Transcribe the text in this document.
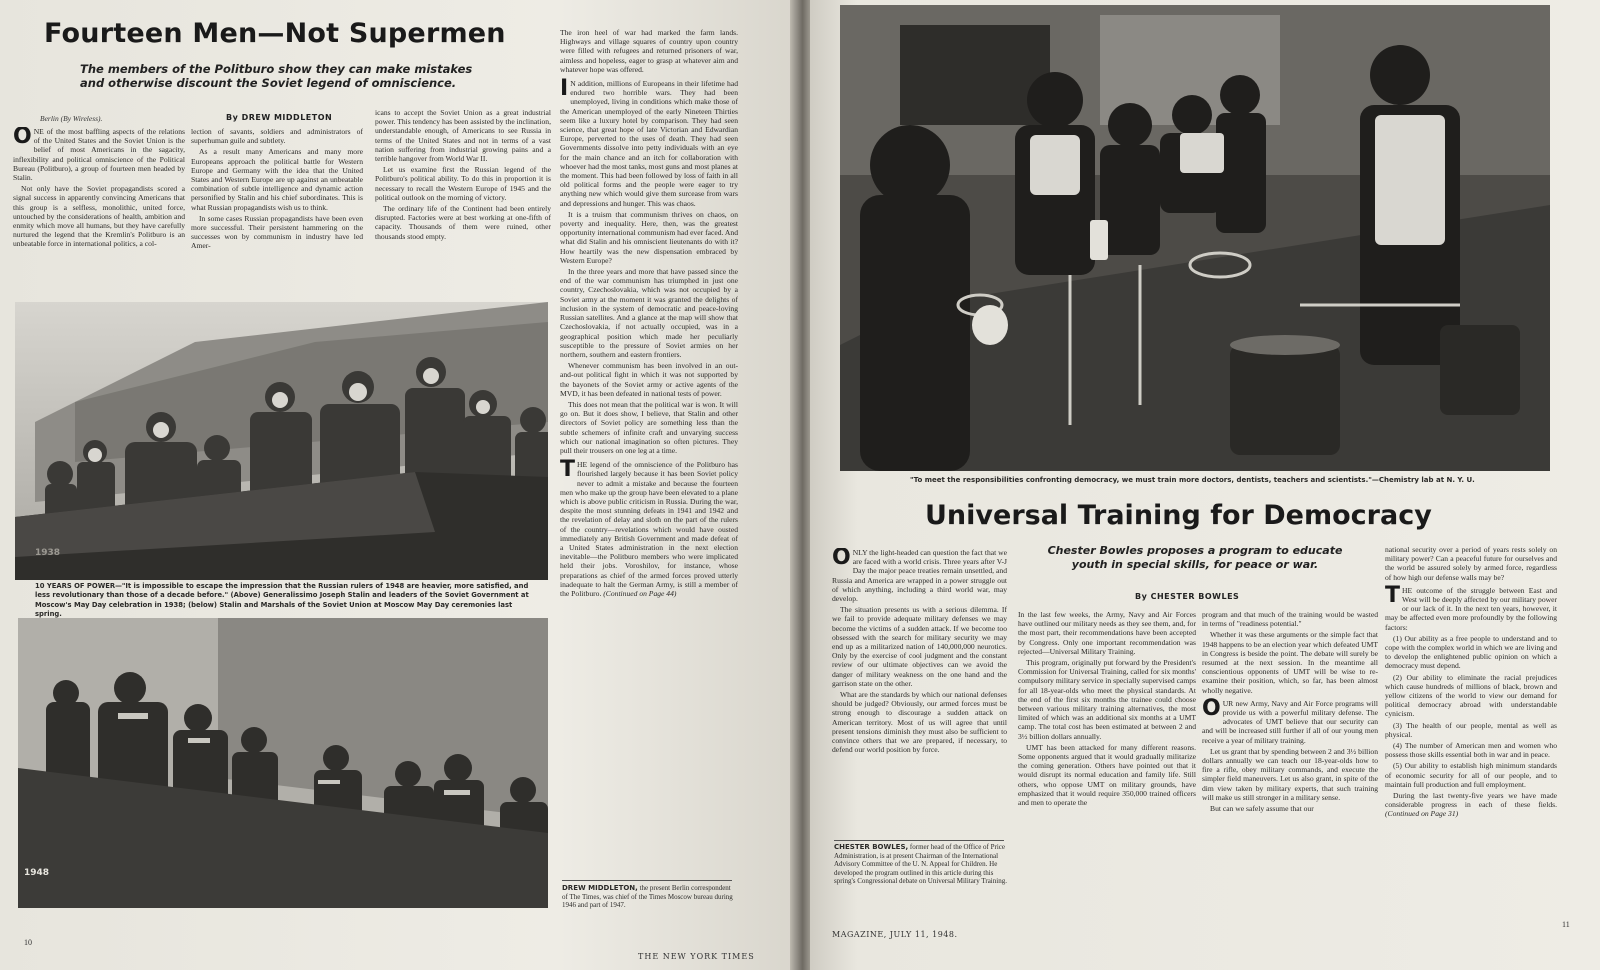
Fourteen Men—Not Supermen

The members of the Politburo show they can make mistakes and otherwise discount the Soviet legend of omniscience.

Berlin (By Wireless).	By DREW MIDDLETON

ONE of the most baffling aspects of the relations of the United States and the Soviet Union is the belief of most Americans in the sagacity, inflexibility and political omniscience of the Political Bureau (Politburo), a group of fourteen men headed by Stalin.

Not only have the Soviet propagandists scored a signal success in apparently convincing Americans that this group is a selfless, monolithic, united force, untouched by the considerations of health, ambition and enmity which move all humans, but they have carefully nurtured the legend that the Kremlin's Politburo is an unbeatable force in international politics, a col-

lection of savants, soldiers and administrators of superhuman guile and subtlety.

As a result many Americans and many more Europeans approach the political battle for Western Europe and Germany with the idea that the United States and Western Europe are up against an unbeatable combination of subtle intelligence and dynamic action personified by Stalin and his chief subordinates. This is what Russian propagandists wish us to think.

In some cases Russian propagandists have been even more successful. Their persistent hammering on the successes won by communism in industry have led Amer-

icans to accept the Soviet Union as a great industrial power. This tendency has been assisted by the inclination, understandable enough, of Americans to see Russia in terms of the United States and not in terms of a vast nation suffering from industrial growing pains and a terrible hangover from World War II.

Let us examine first the Russian legend of the Politburo's political ability. To do this in proportion it is necessary to recall the Western Europe of 1945 and the political outlook on the morning of victory.

The ordinary life of the Continent had been entirely disrupted. Factories were at best working at one-fifth of capacity. Thousands of them were ruined, other thousands stood empty.

The iron heel of war had marked the farm lands. Highways and village squares of country upon country were filled with refugees and returned prisoners of war, aimless and hopeless, eager to grasp at whatever aim and whatever hope was offered.

I N addition, millions of Europeans in their lifetime had endured two horrible wars. They had been unemployed, living in conditions which make those of the American unemployed of the early Nineteen Thirties seem like a luxury hotel by comparison. They had seen science, that great hope of late Victorian and Edwardian Europe, perverted to the uses of death. They had seen Governments dissolve into petty individuals with an eye for the main chance and an itch for collaboration with whoever had the most tanks, most guns and most planes at the moment. This had been followed by loss of faith in all old political forms and the people were eager to try anything new which would give them surcease from wars and depressions and hunger. This was chaos.

It is a truism that communism thrives on chaos, on poverty and inequality. Here, then, was the greatest opportunity international communism had ever faced. And what did Stalin and his omniscient lieutenants do with it? How heartily was the new dispensation embraced by Western Europe?

In the three years and more that have passed since the end of the war communism has triumphed in just one country, Czechoslovakia, which was not occupied by a Soviet army at the moment it was granted the delights of inclusion in the system of democratic and peace-loving Russian satellites. And a glance at the map will show that Czechoslovakia, if not actually occupied, was in a geographical position which made her peculiarly susceptible to the pressure of Soviet armies on her northern, southern and eastern frontiers.

Whenever communism has been involved in an out-and-out political fight in which it was not supported by the bayonets of the Soviet army or active agents of the MVD, it has been defeated in national tests of power.

This does not mean that the political war is won. It will go on. But it does show, I believe, that Stalin and other directors of Soviet policy are something less than the subtle schemers of infinite craft and unvarying success which our national imagination so often pictures. They pull their trousers on one leg at a time.

THE legend of the omniscience of the Politburo has flourished largely because it has been Soviet policy never to admit a mistake and because the fourteen men who make up the group have been elevated to a plane which is above public criticism in Russia. During the war, despite the most stunning defeats in 1941 and 1942 and the revelation of delay and sloth on the part of the rulers of the country—revelations which would have ousted immediately any British Government and made defeat of a United States administration in the next election inevitable—the Politburo members who were implicated held their jobs. Voroshilov, for instance, whose preparations as chief of the armed forces proved utterly inadequate to halt the German Army, is still a member of the Politburo. (Continued on Page 44)

1938

10 YEARS OF POWER—"It is impossible to escape the impression that the Russian rulers of 1948 are heavier, more satisfied, and less revolutionary than those of a decade before." (Above) Generalissimo Joseph Stalin and leaders of the Soviet Government at Moscow's May Day celebration in 1938; (below) Stalin and Marshals of the Soviet Union at Moscow May Day ceremonies last spring.

1948

DREW MIDDLETON, the present Berlin correspondent of The Times, was chief of the Times Moscow bureau during 1946 and part of 1947.

10
THE NEW YORK TIMES

"To meet the responsibilities confronting democracy, we must train more doctors, dentists, teachers and scientists."—Chemistry lab at N. Y. U.

Universal Training for Democracy

Chester Bowles proposes a program to educate youth in special skills, for peace or war.

By CHESTER BOWLES

ONLY the light-headed can question the fact that we are faced with a world crisis. Three years after V-J Day the major peace treaties remain unsettled, and Russia and America are wrapped in a power struggle out of which anything, including a third world war, may develop.

The situation presents us with a serious dilemma. If we fail to provide adequate military defenses we may become the victims of a sudden attack. If we become too obsessed with the search for military security we may end up as a militarized nation of 140,000,000 neurotics. Only by the exercise of cool judgment and the constant review of our ultimate objectives can we avoid the danger of military weakness on the one hand and the garrison state on the other.

What are the standards by which our national defenses should be judged? Obviously, our armed forces must be strong enough to discourage a sudden attack on American territory. Most of us will agree that until present tensions diminish they must also be sufficient to convince others that we are prepared, if necessary, to defend our world position by force.

CHESTER BOWLES, former head of the Office of Price Administration, is at present Chairman of the International Advisory Committee of the U. N. Appeal for Children. He developed the program outlined in this article during this spring's Congressional debate on Universal Military Training.

In the last few weeks, the Army, Navy and Air Forces have outlined our military needs as they see them, and, for the most part, their recommendations have been accepted by Congress. Only one important recommendation was rejected—Universal Military Training.

This program, originally put forward by the President's Commission for Universal Training, called for six months' compulsory military service in specially supervised camps for all 18-year-olds who meet the physical standards. At the end of the first six months the trainee could choose between various military training alternatives, the most limited of which was an additional six months at a UMT camp. The total cost has been estimated at between 2 and 3½ billion dollars annually.

UMT has been attacked for many different reasons. Some opponents argued that it would gradually militarize the coming generation. Others have pointed out that it would disrupt its normal education and family life. Still others, who oppose UMT on military grounds, have emphasized that it would require 350,000 trained officers and men to operate the

program and that much of the training would be wasted in terms of "readiness potential."

Whether it was these arguments or the simple fact that 1948 happens to be an election year which defeated UMT in Congress is beside the point. The debate will surely be resumed at the next session. In the meantime all conscientious opponents of UMT will be wise to re-examine their position, which, so far, has been almost wholly negative.

OUR new Army, Navy and Air Force programs will provide us with a powerful military defense. The advocates of UMT believe that our security can and will be increased still further if all of our young men receive a year of military training.

Let us grant that by spending between 2 and 3½ billion dollars annually we can teach our 18-year-olds how to fire a rifle, obey military commands, and execute the simpler field maneuvers. Let us also grant, in spite of the dim view taken by military experts, that such training will make us still stronger in a military sense.

But can we safely assume that our

national security over a period of years rests solely on military power? Can a peaceful future for ourselves and the world be assured solely by armed force, regardless of how high our defense walls may be?

THE outcome of the struggle between East and West will be deeply affected by our military power or our lack of it. In the next ten years, however, it may be affected even more profoundly by the following factors:

(1) Our ability as a free people to understand and to cope with the complex world in which we are living and to develop the enlightened public opinion on which a democracy must depend.

(2) Our ability to eliminate the racial prejudices which cause hundreds of millions of black, brown and yellow citizens of the world to view our demand for political democracy abroad with understandable cynicism.

(3) The health of our people, mental as well as physical.

(4) The number of American men and women who possess those skills essential both in war and in peace.

(5) Our ability to establish high minimum standards of economic security for all of our people, and to maintain full production and full employment.

During the last twenty-five years we have made considerable progress in each of these fields. (Continued on Page 31)

MAGAZINE, JULY 11, 1948.
11
